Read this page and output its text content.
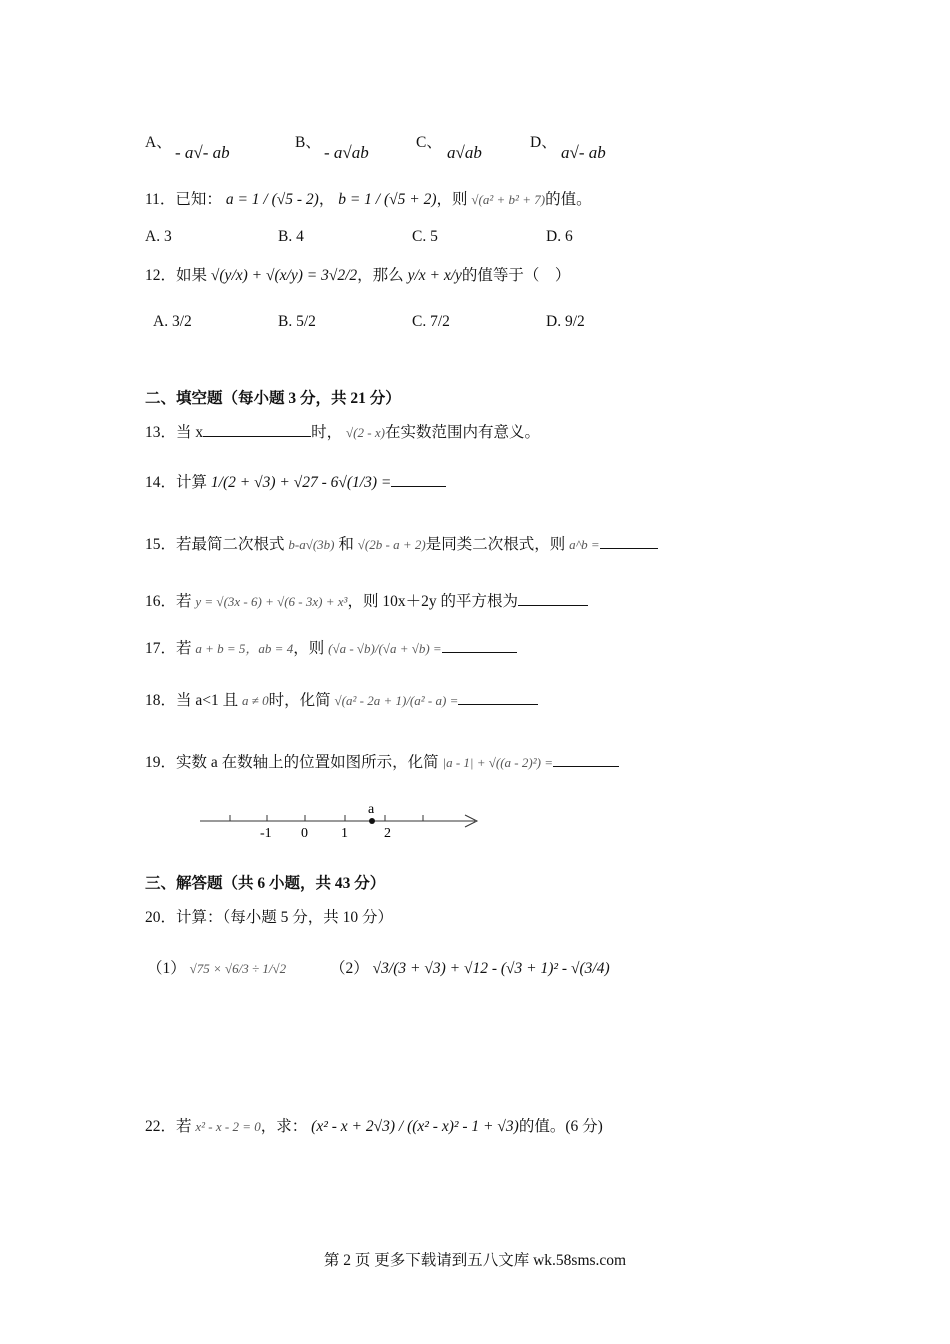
A、
- a√- ab
B、
- a√ab
C、
a√ab
D、
a√- ab
11．已知： a = 1 / (√5 - 2)， b = 1 / (√5 + 2)，则 √(a² + b² + 7)的值。
A. 3	B. 4	C. 5	D. 6
12．如果 √(y/x) + √(x/y) = 3√2/2，那么 y/x + x/y的值等于（　）
A. 3/2	B. 5/2	C. 7/2	D. 9/2
二、填空题（每小题 3 分，共 21 分）
13．当 x	时， √(2 - x)在实数范围内有意义。
14．计算 1/(2 + √3) + √27 - 6√(1/3) =
15．若最简二次根式 b-a√(3b) 和 √(2b - a + 2)是同类二次根式，则 a^b =
16．若 y = √(3x - 6) + √(6 - 3x) + x³，则 10x＋2y 的平方根为
17．若 a + b = 5，ab = 4，则 (√a - √b)/(√a + √b) =
18．当 a<1 且 a ≠ 0时，化简 √(a² - 2a + 1)/(a² - a) =
19．实数 a 在数轴上的位置如图所示，化简 |a - 1| + √((a - 2)²) =
a
-1 0 1	2
三、解答题（共 6 小题，共 43 分）
20．计算：（每小题 5 分，共 10 分）
（1） √75 × √6/3 ÷ 1/√2	（2） √3/(3 + √3) + √12 - (√3 + 1)² - √(3/4)
22．若 x² - x - 2 = 0，求： (x² - x + 2√3) / ((x² - x)² - 1 + √3)的值。(6 分)
第 2 页 更多下载请到五八文库 wk.58sms.com
